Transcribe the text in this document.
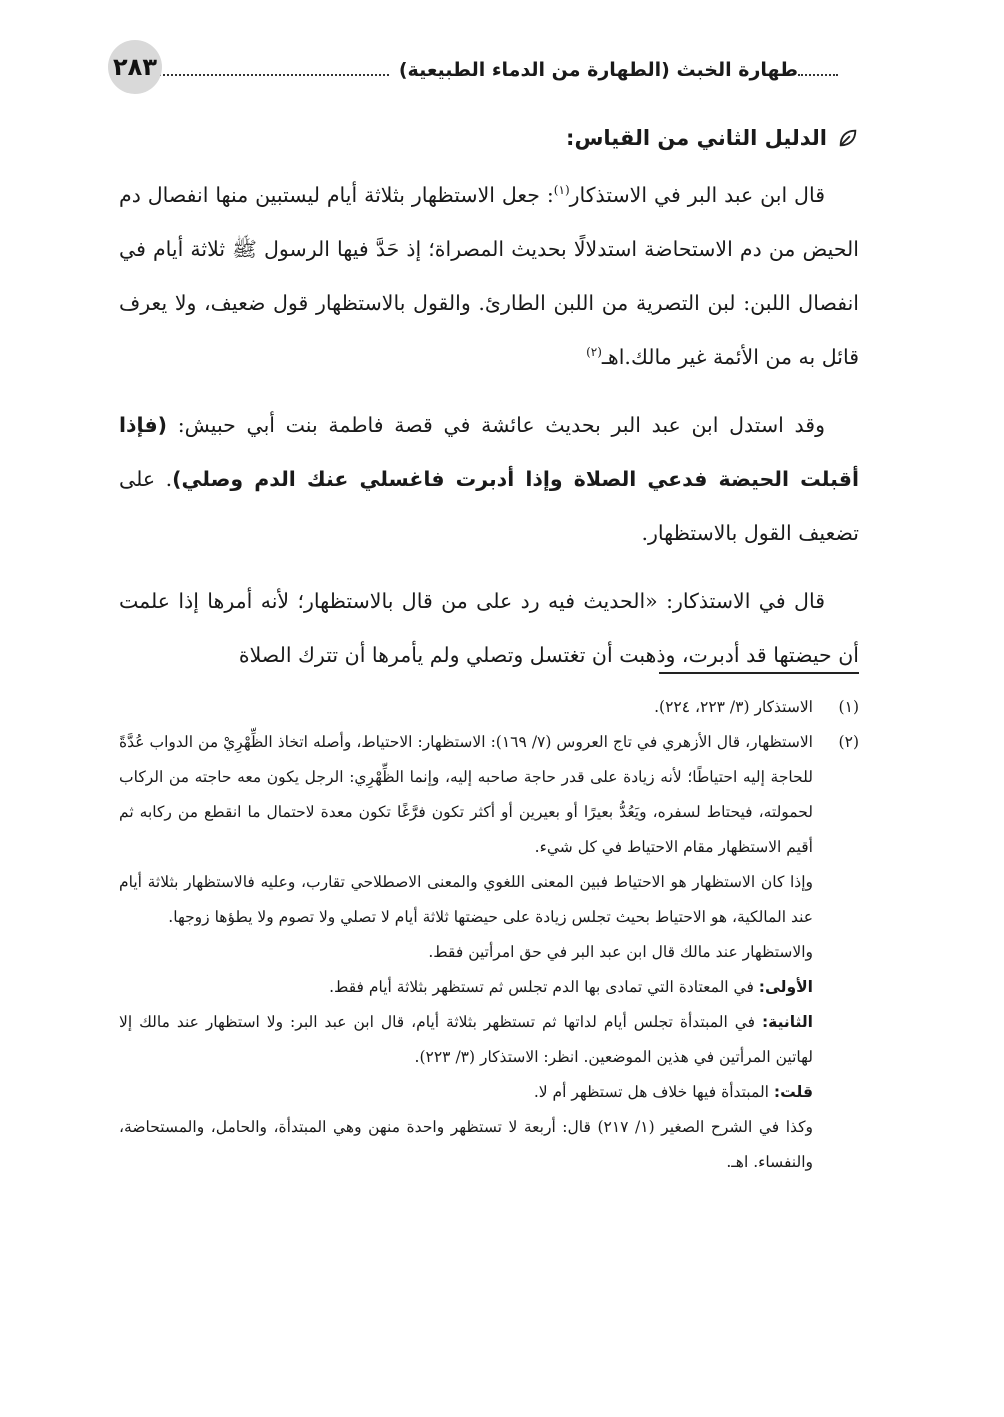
طهارة الخبث (الطهارة من الدماء الطبيعية)
٢٨٣
الدليل الثاني من القياس:

قال ابن عبد البر في الاستذكار$^{(١)}$: جعل الاستظهار بثلاثة أيام ليستبين منها انفصال دم الحيض من دم الاستحاضة استدلالًا بحديث المصراة؛ إذ حَدَّ فيها الرسول ﷺ ثلاثة أيام في انفصال اللبن: لبن التصرية من اللبن الطارئ. والقول بالاستظهار قول ضعيف، ولا يعرف قائل به من الأئمة غير مالك.اهـ$^{(٢)}$

وقد استدل ابن عبد البر بحديث عائشة في قصة فاطمة بنت أبي حبيش: (فإذا أقبلت الحيضة فدعي الصلاة وإذا أدبرت فاغسلي عنك الدم وصلي). على تضعيف القول بالاستظهار.

قال في الاستذكار: «الحديث فيه رد على من قال بالاستظهار؛ لأنه أمرها إذا علمت أن حيضتها قد أدبرت، وذهبت أن تغتسل وتصلي ولم يأمرها أن تترك الصلاة

(١)
الاستذكار (٣/ ٢٢٣، ٢٢٤).
(٢)
الاستظهار، قال الأزهري في تاج العروس (٧/ ١٦٩): الاستظهار: الاحتياط، وأصله اتخاذ الظِّهْرِيْ من الدواب عُدَّةً للحاجة إليه احتياطًا؛ لأنه زيادة على قدر حاجة صاحبه إليه، وإنما الظِّهْرِي: الرجل يكون معه حاجته من الركاب لحمولته، فيحتاط لسفره، ويَعُدُّ بعيرًا أو بعيرين أو أكثر تكون فرَّغًا تكون معدة لاحتمال ما انقطع من ركابه ثم أقيم الاستظهار مقام الاحتياط في كل شيء.

وإذا كان الاستظهار هو الاحتياط فبين المعنى اللغوي والمعنى الاصطلاحي تقارب، وعليه فالاستظهار بثلاثة أيام عند المالكية، هو الاحتياط بحيث تجلس زيادة على حيضتها ثلاثة أيام لا تصلي ولا تصوم ولا يطؤها زوجها.

والاستظهار عند مالك قال ابن عبد البر في حق امرأتين فقط.

الأولى: في المعتادة التي تمادى بها الدم تجلس ثم تستظهر بثلاثة أيام فقط.

الثانية: في المبتدأة تجلس أيام لداتها ثم تستظهر بثلاثة أيام، قال ابن عبد البر: ولا استظهار عند مالك إلا لهاتين المرأتين في هذين الموضعين. انظر: الاستذكار (٣/ ٢٢٣).

قلت: المبتدأة فيها خلاف هل تستظهر أم لا.

وكذا في الشرح الصغير (١/ ٢١٧) قال: أربعة لا تستظهر واحدة منهن وهي المبتدأة، والحامل، والمستحاضة، والنفساء. اهـ.
